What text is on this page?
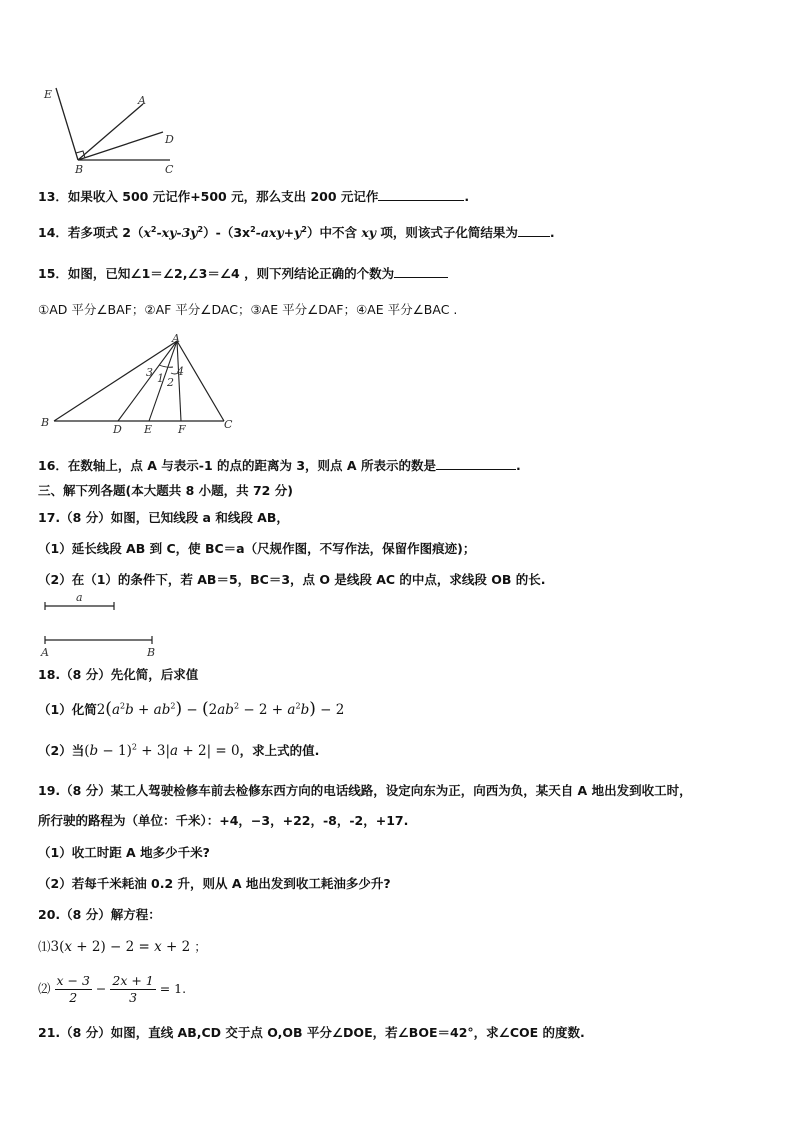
E	A
D
B	C
13．如果收入 500 元记作+500 元，那么支出 200 元记作	.
14．若多项式 $2(x^2-xy-3y^2)-(3x^2-axy+y^2)$中不含 xy 项，则该式子化简结果为	.
15．如图，已知∠1＝∠2,∠3＝∠4 ，则下列结论正确的个数为
①AD 平分∠BAF；②AF 平分∠DAC；③AE 平分∠DAF；④AE 平分∠BAC .
A
B	C
D E F
1 2
3 4
16．在数轴上，点 A 与表示-1 的点的距离为 3，则点 A 所表示的数是	.
三、解下列各题(本大题共 8 小题，共 72 分)
17.（8 分）如图，已知线段 a 和线段 AB，
（1）延长线段 AB 到 C，使 BC＝a（尺规作图，不写作法，保留作图痕迹)；
（2）在（1）的条件下，若 AB＝5，BC＝3，点 O 是线段 AC 的中点，求线段 OB 的长.
a
A	B
18.（8 分）先化简，后求值
（1）化简$2(a^2b + ab^2) - (2ab^2 - 2 + a^2b) - 2$
（2）当$(b - 1)^2 + 3|a + 2| = 0$，求上式的值.
19.（8 分）某工人驾驶检修车前去检修东西方向的电话线路，设定向东为正，向西为负，某天自 A 地出发到收工时，
所行驶的路程为（单位：千米）：+4，−3，+22，-8，-2，+17.
（1）收工时距 A 地多少千米?
（2）若每千米耗油 0.2 升，则从 A 地出发到收工耗油多少升?
20.（8 分）解方程：
⑴3(x + 2) − 2 = x + 2 ；
⑵ $\frac{x - 3}{2} - \frac{2x + 1}{3} = 1$.
21.（8 分）如图，直线 AB,CD 交于点 O,OB 平分∠DOE，若∠BOE＝42°，求∠COE 的度数.
